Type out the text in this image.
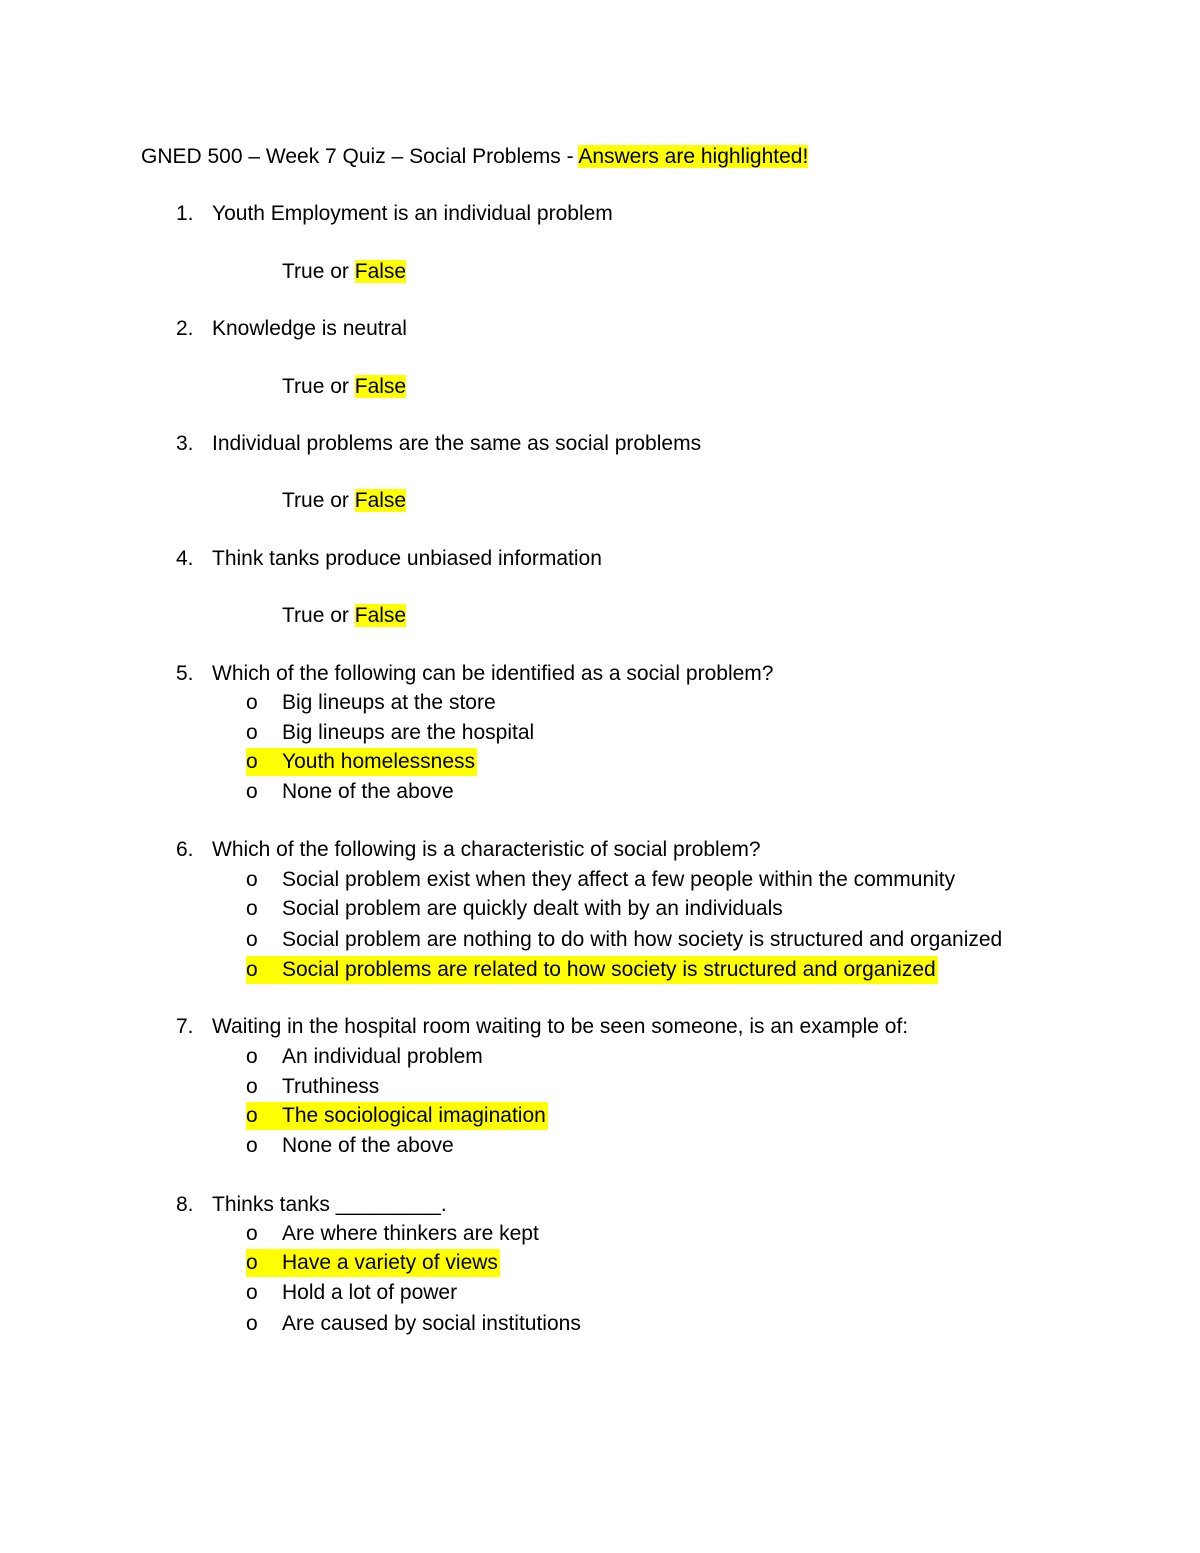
GNED 500 – Week 7 Quiz – Social Problems - Answers are highlighted!
1. Youth Employment is an individual problem
True or False
2. Knowledge is neutral
True or False
3. Individual problems are the same as social problems
True or False
4. Think tanks produce unbiased information
True or False
5. Which of the following can be identified as a social problem?
o Big lineups at the store
o Big lineups are the hospital
o Youth homelessness
o None of the above
6. Which of the following is a characteristic of social problem?
o Social problem exist when they affect a few people within the community
o Social problem are quickly dealt with by an individuals
o Social problem are nothing to do with how society is structured and organized
o Social problems are related to how society is structured and organized
7. Waiting in the hospital room waiting to be seen someone, is an example of:
o An individual problem
o Truthiness
o The sociological imagination
o None of the above
8. Thinks tanks _________.
o Are where thinkers are kept
o Have a variety of views
o Hold a lot of power
o Are caused by social institutions
